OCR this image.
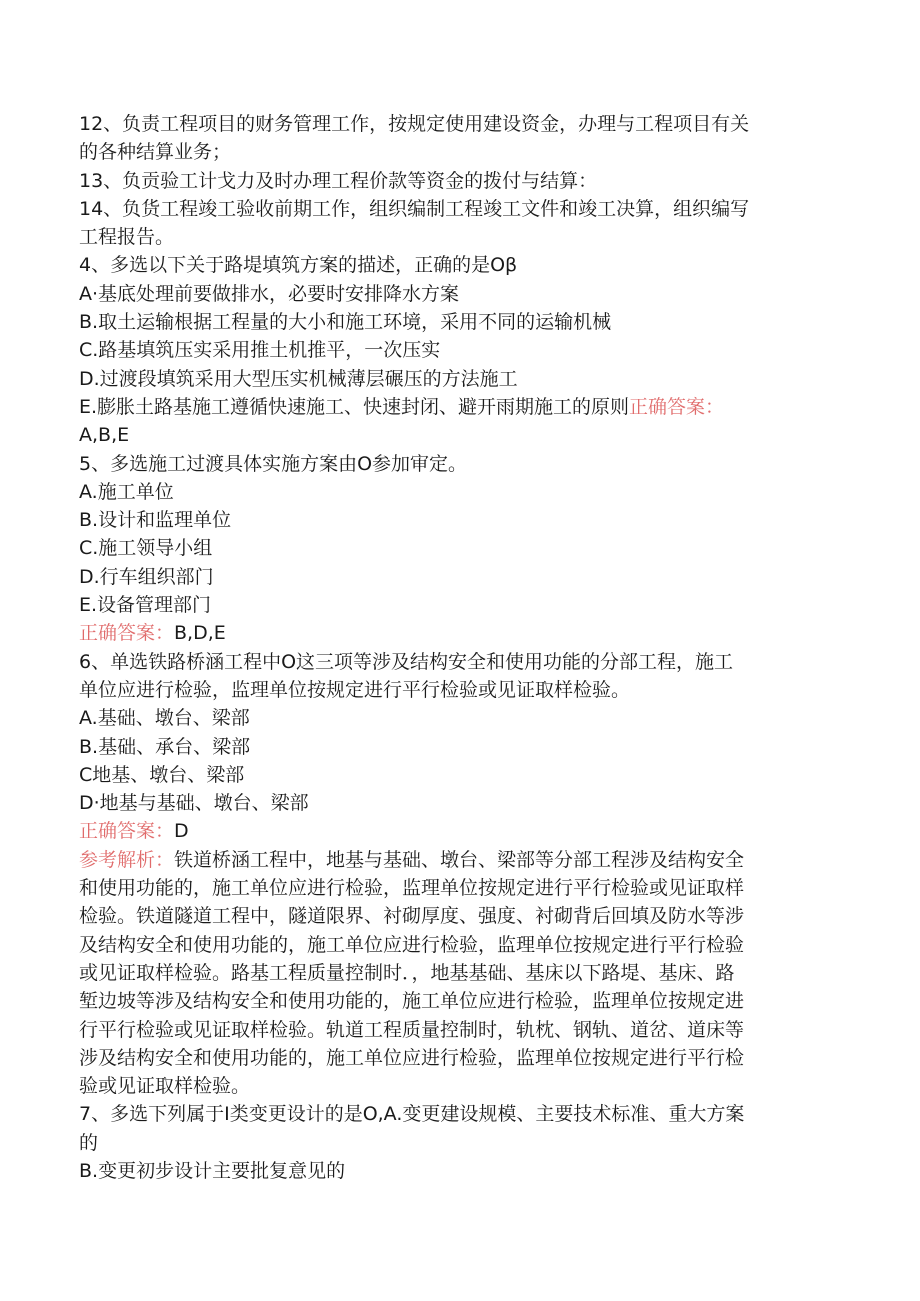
12、负责工程项目的财务管理工作，按规定使用建设资金，办理与工程项目有关

的各种结算业务；

13、负贡验工计戈力及时办理工程价款等资金的拨付与结算：

14、负货工程竣工验收前期工作，组织编制工程竣工文件和竣工决算，组织编写

工程报告。

4、多选以下关于路堤填筑方案的描述，正确的是Oβ

A·基底处理前要做排水，必要时安排降水方案

B.取土运输根据工程量的大小和施工环境，采用不同的运输机械

C.路基填筑压实采用推土机推平，一次压实

D.过渡段填筑采用大型压实机械薄层碾压的方法施工

E.膨胀土路基施工遵循快速施工、快速封闭、避开雨期施工的原则正确答案：

A,B,E

5、多选施工过渡具体实施方案由O参加审定。

A.施工单位

B.设计和监理单位

C.施工领导小组

D.行车组织部门

E.设备管理部门

正确答案：B,D,E

6、单选铁路桥涵工程中O这三项等涉及结构安全和使用功能的分部工程，施工

单位应进行检验，监理单位按规定进行平行检验或见证取样检验。

A.基础、墩台、梁部

B.基础、承台、梁部

C地基、墩台、梁部

D·地基与基础、墩台、梁部

正确答案：D

参考解析：铁道桥涵工程中，地基与基础、墩台、梁部等分部工程涉及结构安全

和使用功能的，施工单位应进行检验，监理单位按规定进行平行检验或见证取样

检验。铁道隧道工程中，隧道限界、衬砌厚度、强度、衬砌背后回填及防水等涉

及结构安全和使用功能的，施工单位应进行检验，监理单位按规定进行平行检验

或见证取样检验。路基工程质量控制时．，地基基础、基床以下路堤、基床、路

堑边坡等涉及结构安全和使用功能的，施工单位应进行检验，监理单位按规定进

行平行检验或见证取样检验。轨道工程质量控制时，轨枕、钢轨、道岔、道床等

涉及结构安全和使用功能的，施工单位应进行检验，监理单位按规定进行平行检

验或见证取样检验。

7、多选下列属于I类变更设计的是O,A.变更建设规模、主要技术标准、重大方案

的

B.变更初步设计主要批复意见的
